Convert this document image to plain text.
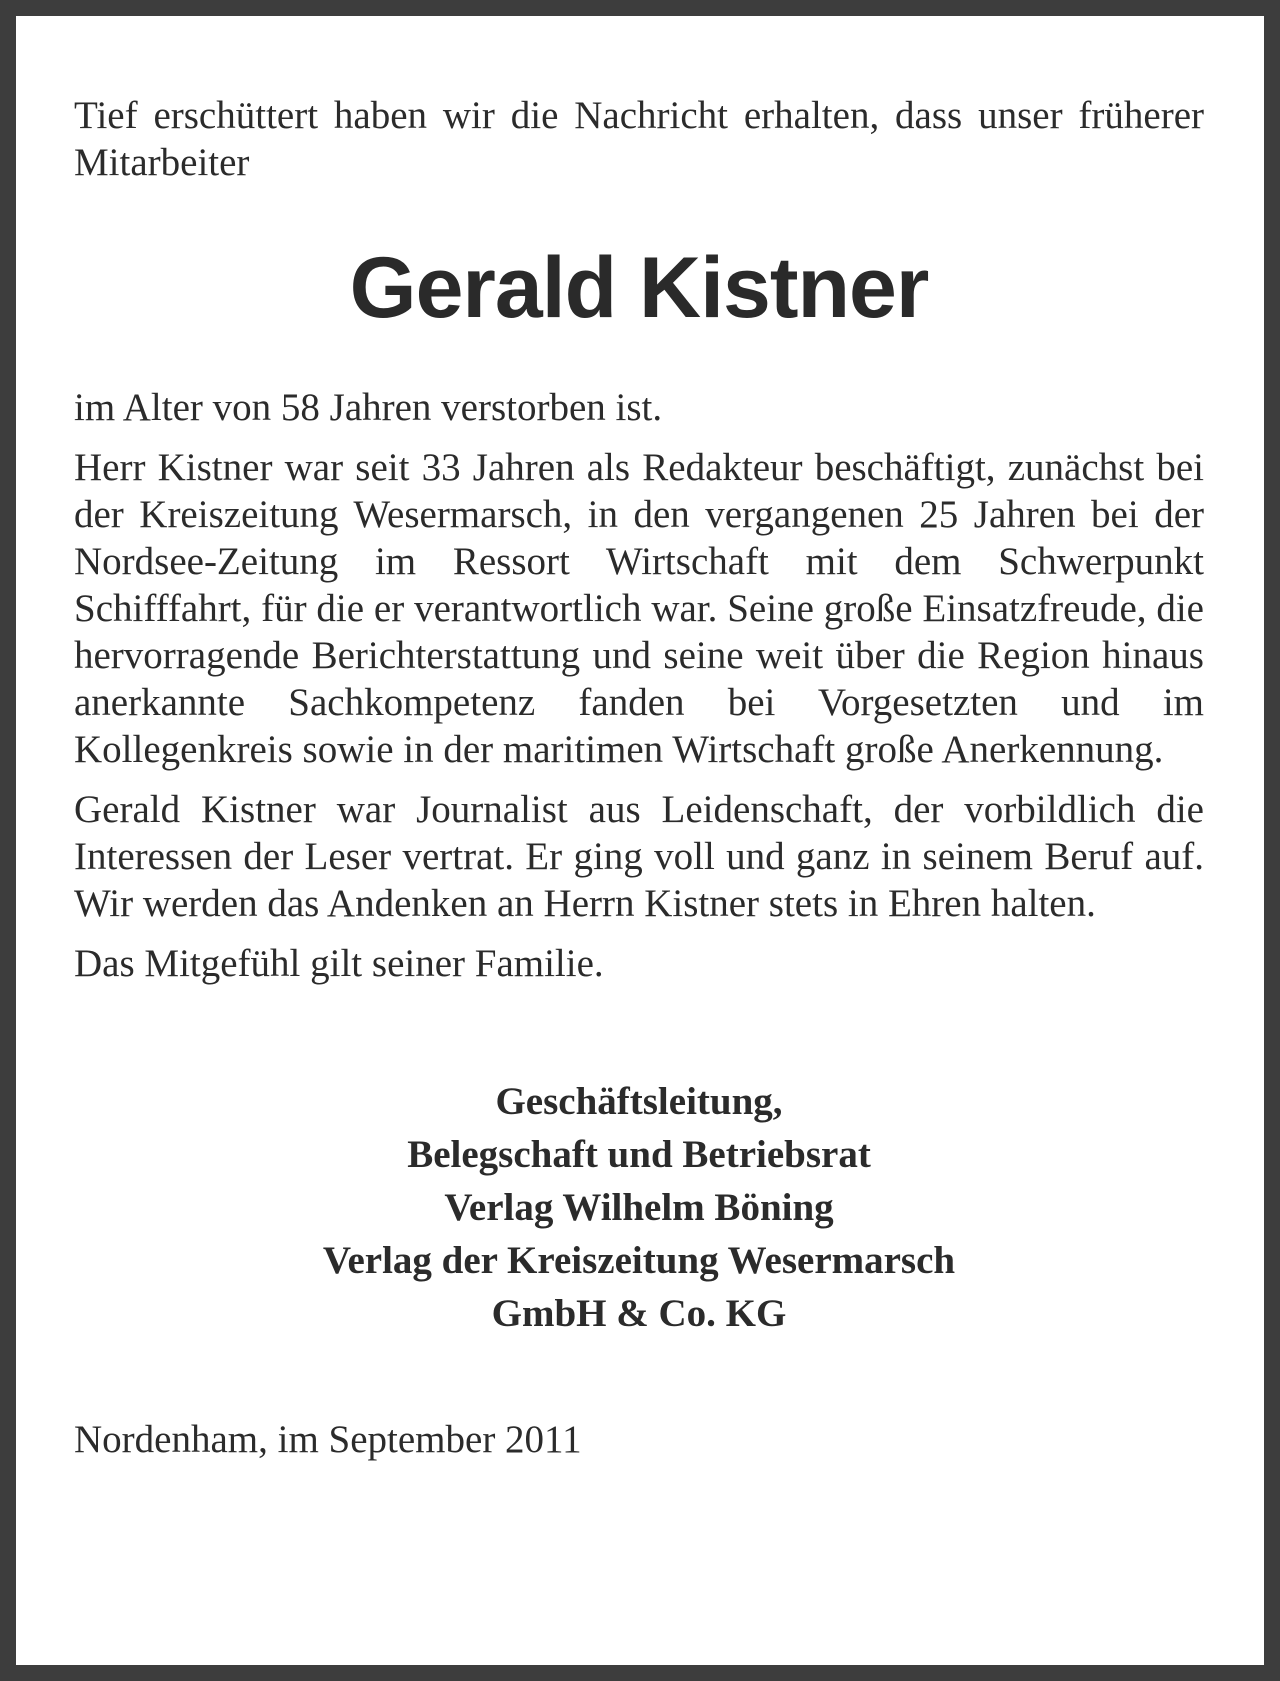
Tief erschüttert haben wir die Nachricht erhalten, dass unser früherer Mitarbeiter

Gerald Kistner

im Alter von 58 Jahren verstorben ist.

Herr Kistner war seit 33 Jahren als Redakteur beschäftigt, zunächst bei der Kreiszeitung Wesermarsch, in den vergangenen 25 Jahren bei der Nordsee-Zeitung im Ressort Wirtschaft mit dem Schwerpunkt Schifffahrt, für die er verantwortlich war. Seine große Einsatzfreude, die hervorragende Berichterstattung und seine weit über die Region hinaus anerkannte Sachkompetenz fanden bei Vorgesetzten und im Kollegenkreis sowie in der maritimen Wirtschaft große Anerkennung.

Gerald Kistner war Journalist aus Leidenschaft, der vorbildlich die Interessen der Leser vertrat. Er ging voll und ganz in seinem Beruf auf. Wir werden das Andenken an Herrn Kistner stets in Ehren halten.

Das Mitgefühl gilt seiner Familie.

Geschäftsleitung,
Belegschaft und Betriebsrat
Verlag Wilhelm Böning
Verlag der Kreiszeitung Wesermarsch
GmbH & Co. KG

Nordenham, im September 2011
